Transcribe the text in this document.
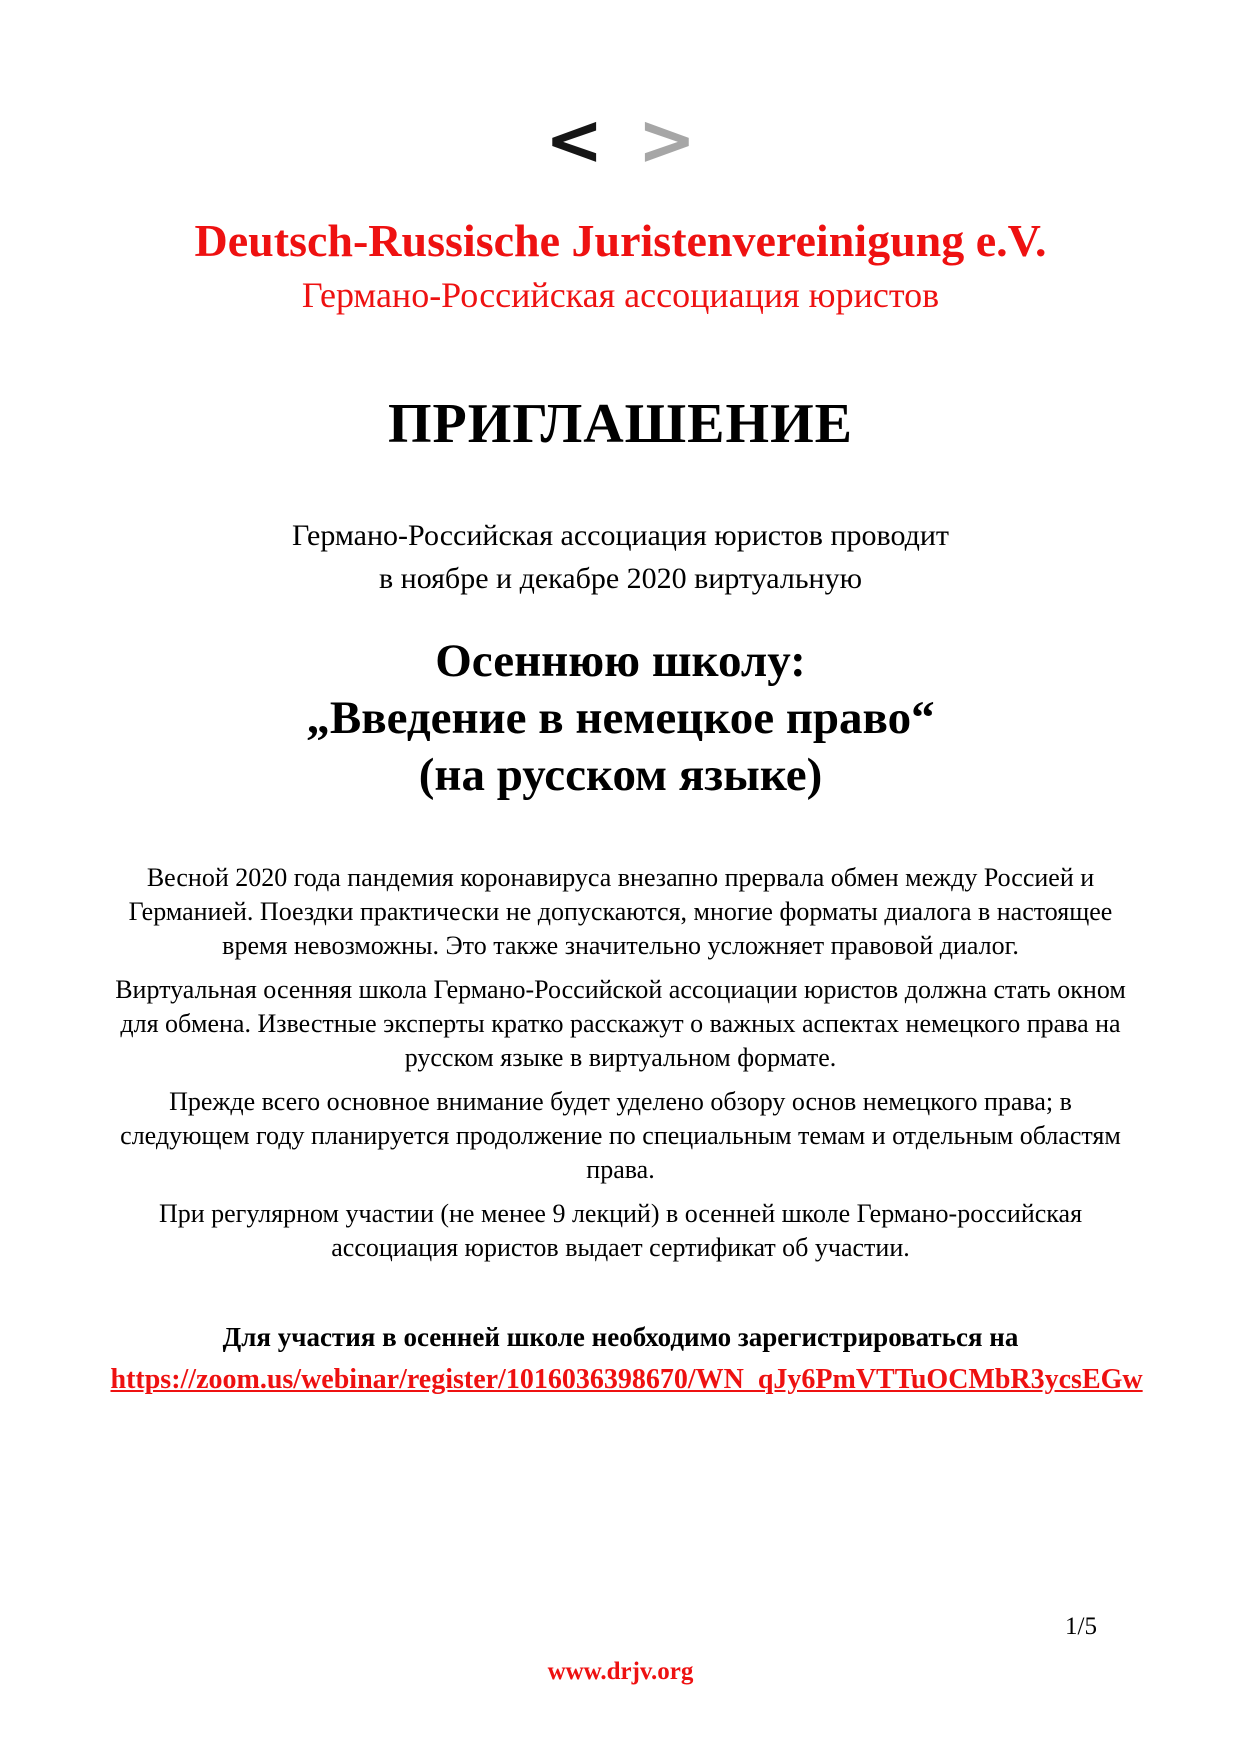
< >
Deutsch-Russische Juristenvereinigung e.V.
Германо-Российская ассоциация юристов
ПРИГЛАШЕНИЕ
Германо-Российская ассоциация юристов проводит
в ноябре и декабре 2020 виртуальную
Осеннюю школу:
„Введение в немецкое право“
(на русском языке)

Весной 2020 года пандемия коронавируса внезапно прервала обмен между Россией и Германией. Поездки практически не допускаются, многие форматы диалога в настоящее время невозможны. Это также значительно усложняет правовой диалог.

Виртуальная осенняя школа Германо-Российской ассоциации юристов должна стать окном для обмена. Известные эксперты кратко расскажут о важных аспектах немецкого права на русском языке в виртуальном формате.

Прежде всего основное внимание будет уделено обзору основ немецкого права; в следующем году планируется продолжение по специальным темам и отдельным областям права.

При регулярном участии (не менее 9 лекций) в осенней школе Германо-российская ассоциация юристов выдает сертификат об участии.

Для участия в осенней школе необходимо зарегистрироваться на

https://zoom.us/webinar/register/1016036398670/WN_qJy6PmVTTuOCMbR3ycsEGw
1/5
www.drjv.org
